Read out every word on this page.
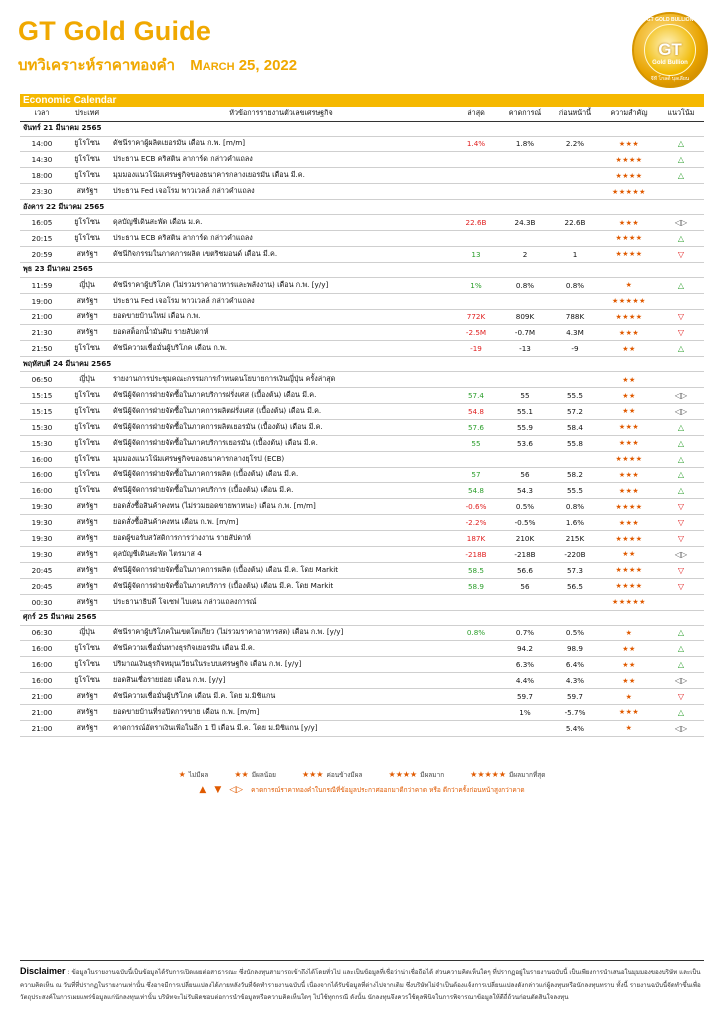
GT Gold Guide
บทวิเคราะห์ราคาทองคำ March 25, 2022
GT GOLD BULLION
GT
Gold Bullion
จีที โกลด์ บุลเลียน
Economic Calendar
เวลา	ประเทศ	หัวข้อการรายงานตัวเลขเศรษฐกิจ	ล่าสุด	คาดการณ์	ก่อนหน้านี้	ความสำคัญ	แนวโน้ม
จันทร์ 21 มีนาคม 2565							
14:00	ยูโรโซน	ดัชนีราคาผู้ผลิตเยอรมัน เดือน ก.พ. [m/m]	1.4%	1.8%	2.2%	★★★	△
14:30	ยูโรโซน	ประธาน ECB คริสติน ลาการ์ด กล่าวคำแถลง				★★★★	△
18:00	ยูโรโซน	มุมมองแนวโน้มเศรษฐกิจของธนาคารกลางเยอรมัน เดือน มี.ค.				★★★★	△
23:30	สหรัฐฯ	ประธาน Fed เจอโรม พาวเวลล์ กล่าวคำแถลง				★★★★★	
อังคาร 22 มีนาคม 2565							
16:05	ยูโรโซน	ดุลบัญชีเดินสะพัด เดือน ม.ค.	22.6B	24.3B	22.6B	★★★	◁▷
20:15	ยูโรโซน	ประธาน ECB คริสติน ลาการ์ด กล่าวคำแถลง				★★★★	△
20:59	สหรัฐฯ	ดัชนีกิจกรรมในภาคการผลิต เขตริชมอนด์ เดือน มี.ค.	13	2	1	★★★★	▽
พุธ 23 มีนาคม 2565							
11:59	ญี่ปุ่น	ดัชนีราคาผู้บริโภค (ไม่รวมราคาอาหารและพลังงาน) เดือน ก.พ. [y/y]	1%	0.8%	0.8%	★	△
19:00	สหรัฐฯ	ประธาน Fed เจอโรม พาวเวลล์ กล่าวคำแถลง				★★★★★	
21:00	สหรัฐฯ	ยอดขายบ้านใหม่ เดือน ก.พ.	772K	809K	788K	★★★★	▽
21:30	สหรัฐฯ	ยอดสต็อกน้ำมันดิบ รายสัปดาห์	-2.5M	-0.7M	4.3M	★★★	▽
21:50	ยูโรโซน	ดัชนีความเชื่อมั่นผู้บริโภค เดือน ก.พ.	-19	-13	-9	★★	△
พฤหัสบดี 24 มีนาคม 2565							
06:50	ญี่ปุ่น	รายงานการประชุมคณะกรรมการกำหนดนโยบายการเงินญี่ปุ่น ครั้งล่าสุด				★★	
15:15	ยูโรโซน	ดัชนีผู้จัดการฝ่ายจัดซื้อในภาคบริการฝรั่งเศส (เบื้องต้น) เดือน มี.ค.	57.4	55	55.5	★★	◁▷
15:15	ยูโรโซน	ดัชนีผู้จัดการฝ่ายจัดซื้อในภาคการผลิตฝรั่งเศส (เบื้องต้น) เดือน มี.ค.	54.8	55.1	57.2	★★	◁▷
15:30	ยูโรโซน	ดัชนีผู้จัดการฝ่ายจัดซื้อในภาคการผลิตเยอรมัน (เบื้องต้น) เดือน มี.ค.	57.6	55.9	58.4	★★★	△
15:30	ยูโรโซน	ดัชนีผู้จัดการฝ่ายจัดซื้อในภาคบริการเยอรมัน (เบื้องต้น) เดือน มี.ค.	55	53.6	55.8	★★★	△
16:00	ยูโรโซน	มุมมองแนวโน้มเศรษฐกิจของธนาคารกลางยุโรป (ECB)				★★★★	△
16:00	ยูโรโซน	ดัชนีผู้จัดการฝ่ายจัดซื้อในภาคการผลิต (เบื้องต้น) เดือน มี.ค.	57	56	58.2	★★★	△
16:00	ยูโรโซน	ดัชนีผู้จัดการฝ่ายจัดซื้อในภาคบริการ (เบื้องต้น) เดือน มี.ค.	54.8	54.3	55.5	★★★	△
19:30	สหรัฐฯ	ยอดสั่งซื้อสินค้าคงทน (ไม่รวมยอดขายพาหนะ) เดือน ก.พ. [m/m]	-0.6%	0.5%	0.8%	★★★★	▽
19:30	สหรัฐฯ	ยอดสั่งซื้อสินค้าคงทน เดือน ก.พ. [m/m]	-2.2%	-0.5%	1.6%	★★★	▽
19:30	สหรัฐฯ	ยอดผู้ขอรับสวัสดิการการว่างงาน รายสัปดาห์	187K	210K	215K	★★★★	▽
19:30	สหรัฐฯ	ดุลบัญชีเดินสะพัด ไตรมาส 4	-218B	-218B	-220B	★★	◁▷
20:45	สหรัฐฯ	ดัชนีผู้จัดการฝ่ายจัดซื้อในภาคการผลิต (เบื้องต้น) เดือน มี.ค. โดย Markit	58.5	56.6	57.3	★★★★	▽
20:45	สหรัฐฯ	ดัชนีผู้จัดการฝ่ายจัดซื้อในภาคบริการ (เบื้องต้น) เดือน มี.ค. โดย Markit	58.9	56	56.5	★★★★	▽
00:30	สหรัฐฯ	ประธานาธิบดี โจเซฟ ไบเดน กล่าวแถลงการณ์				★★★★★	
ศุกร์ 25 มีนาคม 2565							
06:30	ญี่ปุ่น	ดัชนีราคาผู้บริโภคในเขตโตเกียว (ไม่รวมราคาอาหารสด) เดือน ก.พ. [y/y]	0.8%	0.7%	0.5%	★	△
16:00	ยูโรโซน	ดัชนีความเชื่อมั่นทางธุรกิจเยอรมัน เดือน มี.ค.		94.2	98.9	★★	△
16:00	ยูโรโซน	ปริมาณเงินธุรกิจหมุนเวียนในระบบเศรษฐกิจ เดือน ก.พ. [y/y]		6.3%	6.4%	★★	△
16:00	ยูโรโซน	ยอดสินเชื่อรายย่อย เดือน ก.พ. [y/y]		4.4%	4.3%	★★	◁▷
21:00	สหรัฐฯ	ดัชนีความเชื่อมั่นผู้บริโภค เดือน มี.ค. โดย ม.มิชิแกน		59.7	59.7	★	▽
21:00	สหรัฐฯ	ยอดขายบ้านที่รอปิดการขาย เดือน ก.พ. [m/m]		1%	-5.7%	★★★	△
21:00	สหรัฐฯ	คาดการณ์อัตราเงินเฟ้อในอีก 1 ปี เดือน มี.ค. โดย ม.มิชิแกน [y/y]			5.4%	★	◁▷
★ ไม่มีผล	★★ มีผลน้อย	★★★ ค่อนข้างมีผล	★★★★ มีผลมาก	★★★★★ มีผลมากที่สุด
▲ ▼ ◁▷ คาดการณ์ราคาทองคำในกรณีที่ข้อมูลประกาศออกมาดีกว่าคาด หรือ ดีกว่าครั้งก่อนหน้าสูงกว่าคาด
Disclaimer : ข้อมูลในรายงานฉบับนี้เป็นข้อมูลได้รับการเปิดเผยต่อสาธารณะ ซึ่งนักลงทุนสามารถเข้าถึงได้โดยทั่วไป และเป็นข้อมูลที่เชื่อว่าน่าเชื่อถือได้ ส่วนความคิดเห็นใดๆ ที่ปรากฏอยู่ในรายงานฉบับนี้ เป็นเพียงการนำเสนอในมุมมองของบริษัท และเป็นความคิดเห็น ณ วันที่ที่ปรากฏในรายงานเท่านั้น ซึ่งอาจมีการเปลี่ยนแปลงได้ภายหลังวันที่จัดทำรายงานฉบับนี้ เนื่องจากได้รับข้อมูลที่ต่างไปจากเดิม ซึ่งบริษัทไม่จำเป็นต้องแจ้งการเปลี่ยนแปลงดังกล่าวแก่ผู้ลงทุนหรือนักลงทุนทราบ ทั้งนี้ รายงานฉบับนี้จัดทำขึ้นเพื่อวัตถุประสงค์ในการเผยแพร่ข้อมูลแก่นักลงทุนเท่านั้น บริษัทจะไม่รับผิดชอบต่อการนำข้อมูลหรือความคิดเห็นใดๆ ไปใช้ทุกกรณี ดังนั้น นักลงทุนจึงควรใช้ดุลพินิจในการพิจารณาข้อมูลให้ดีถี่ถ้วนก่อนตัดสินใจลงทุน
